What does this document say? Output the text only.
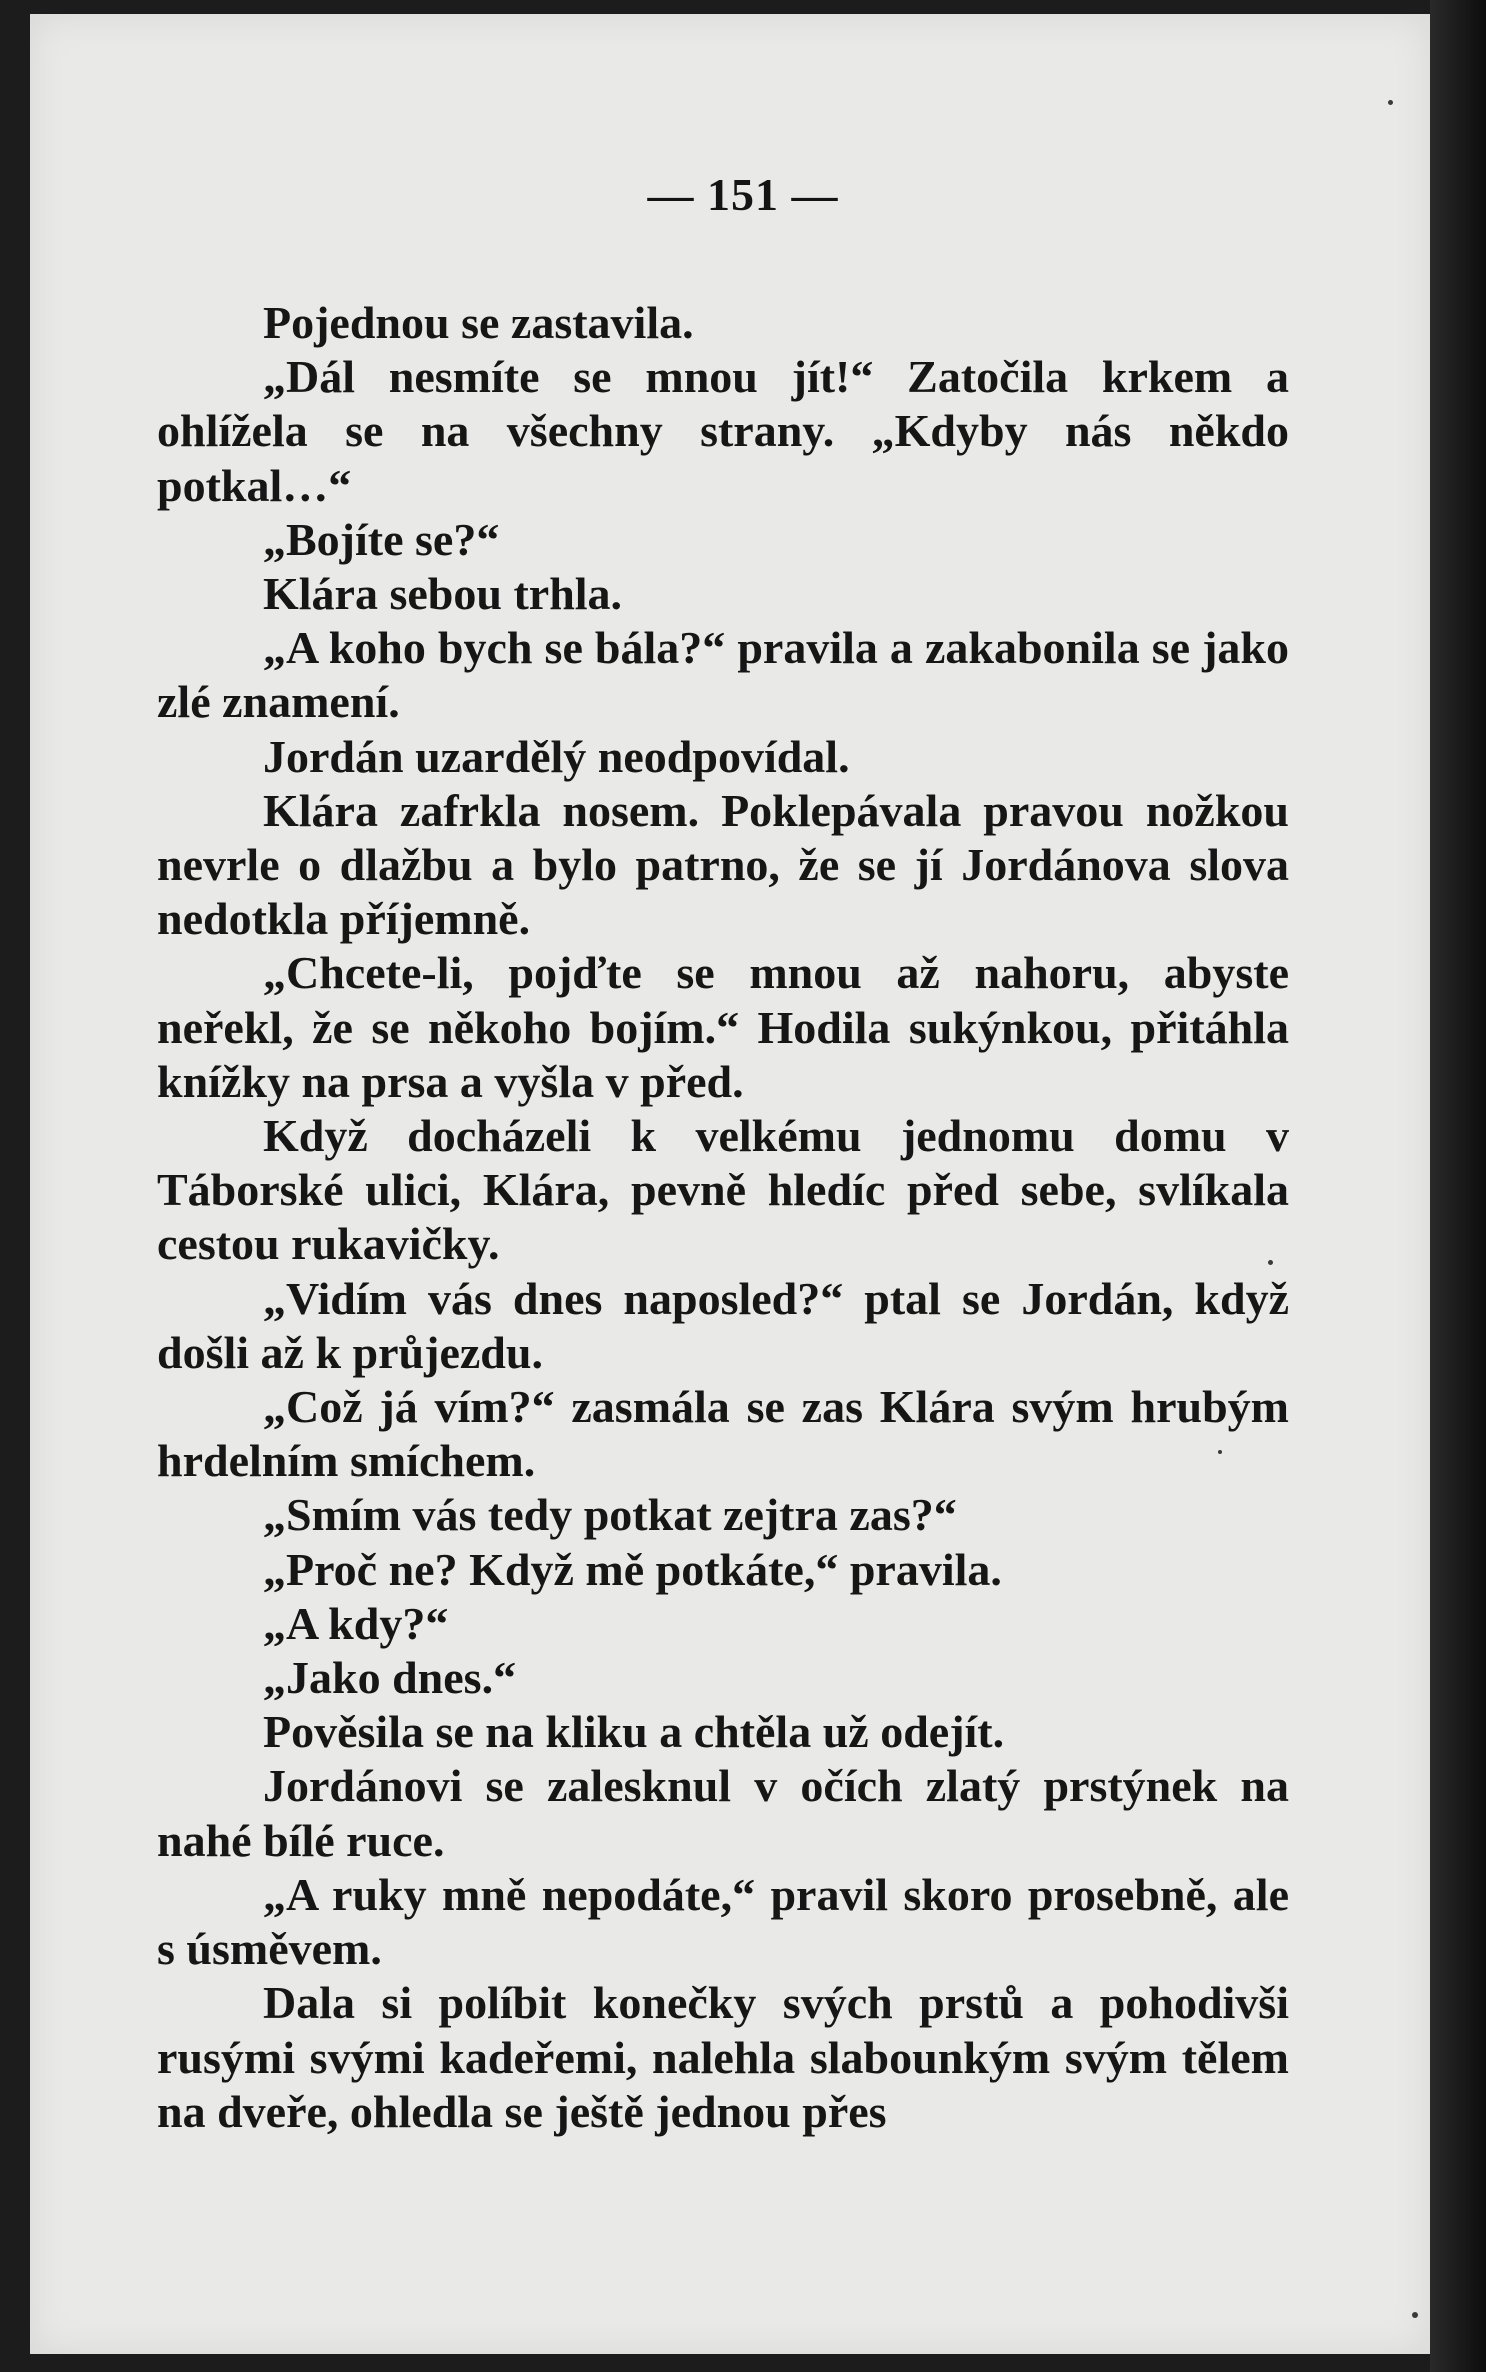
— 151 —

Pojednou se zastavila.

„Dál nesmíte se mnou jít!“ Zatočila krkem a ohlížela se na všechny strany. „Kdyby nás někdo potkal…“

„Bojíte se?“

Klára sebou trhla.

„A koho bych se bála?“ pravila a zakabonila se jako zlé znamení.

Jordán uzardělý neodpovídal.

Klára zafrkla nosem. Poklepávala pravou nožkou nevrle o dlažbu a bylo patrno, že se jí Jordánova slova nedotkla příjemně.

„Chcete-li, pojďte se mnou až nahoru, abyste neřekl, že se někoho bojím.“ Hodila sukýnkou, přitáhla knížky na prsa a vyšla v před.

Když docházeli k velkému jednomu domu v Táborské ulici, Klára, pevně hledíc před sebe, svlíkala cestou rukavičky.

„Vidím vás dnes naposled?“ ptal se Jordán, když došli až k průjezdu.

„Což já vím?“ zasmála se zas Klára svým hrubým hrdelním smíchem.

„Smím vás tedy potkat zejtra zas?“

„Proč ne? Když mě potkáte,“ pravila.

„A kdy?“

„Jako dnes.“

Pověsila se na kliku a chtěla už odejít.

Jordánovi se zalesknul v očích zlatý prstýnek na nahé bílé ruce.

„A ruky mně nepodáte,“ pravil skoro prosebně, ale s úsměvem.

Dala si políbit konečky svých prstů a pohodivši rusými svými kadeřemi, nalehla slabounkým svým tělem na dveře, ohledla se ještě jednou přes
